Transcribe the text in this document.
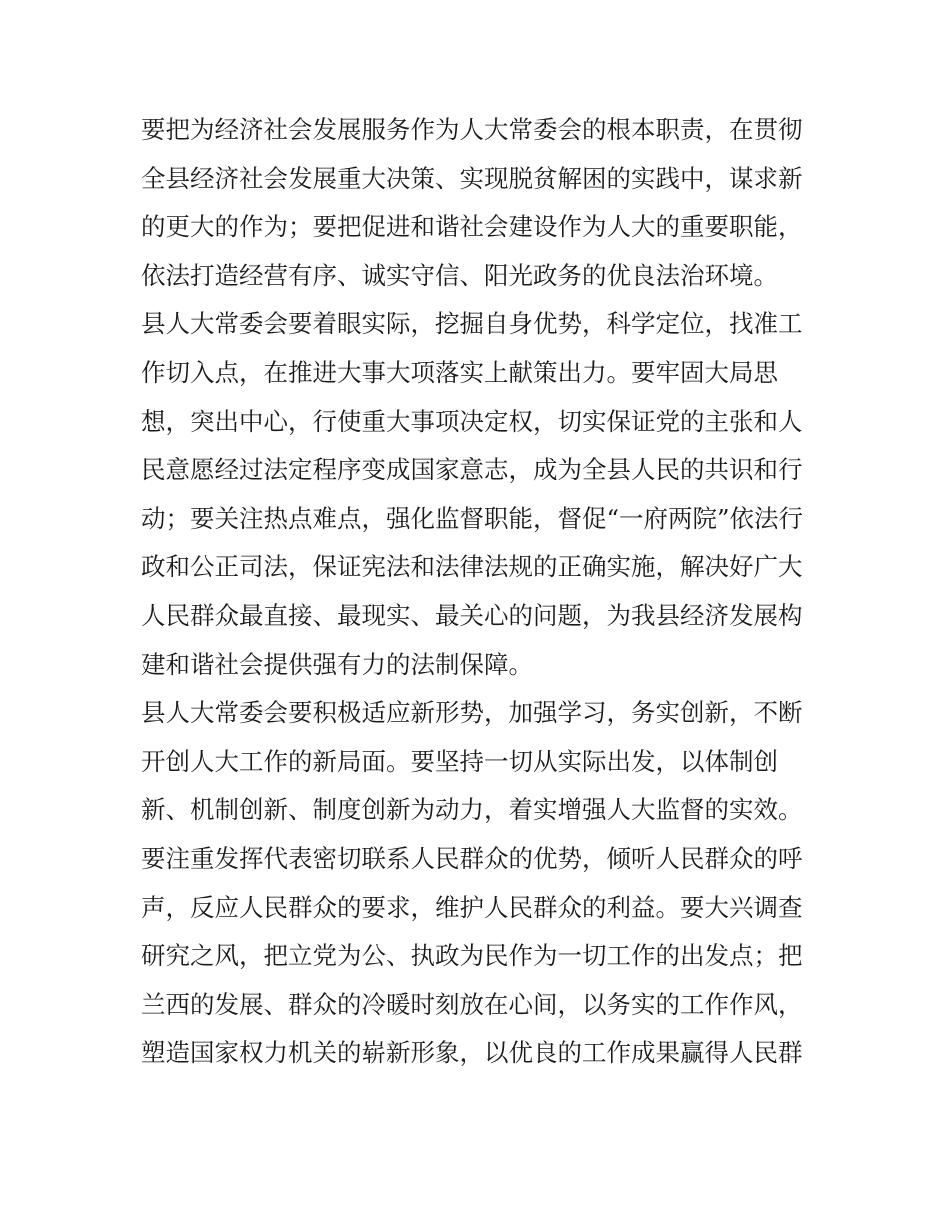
要把为经济社会发展服务作为人大常委会的根本职责，在贯彻
全县经济社会发展重大决策、实现脱贫解困的实践中，谋求新
的更大的作为；要把促进和谐社会建设作为人大的重要职能，
依法打造经营有序、诚实守信、阳光政务的优良法治环境。
县人大常委会要着眼实际，挖掘自身优势，科学定位，找准工
作切入点，在推进大事大项落实上献策出力。要牢固大局思
想，突出中心，行使重大事项决定权，切实保证党的主张和人
民意愿经过法定程序变成国家意志，成为全县人民的共识和行
动；要关注热点难点，强化监督职能，督促“一府两院”依法行
政和公正司法，保证宪法和法律法规的正确实施，解决好广大
人民群众最直接、最现实、最关心的问题，为我县经济发展构
建和谐社会提供强有力的法制保障。
县人大常委会要积极适应新形势，加强学习，务实创新，不断
开创人大工作的新局面。要坚持一切从实际出发，以体制创
新、机制创新、制度创新为动力，着实增强人大监督的实效。
要注重发挥代表密切联系人民群众的优势，倾听人民群众的呼
声，反应人民群众的要求，维护人民群众的利益。要大兴调查
研究之风，把立党为公、执政为民作为一切工作的出发点；把
兰西的发展、群众的冷暖时刻放在心间，以务实的工作作风，
塑造国家权力机关的崭新形象，以优良的工作成果赢得人民群
